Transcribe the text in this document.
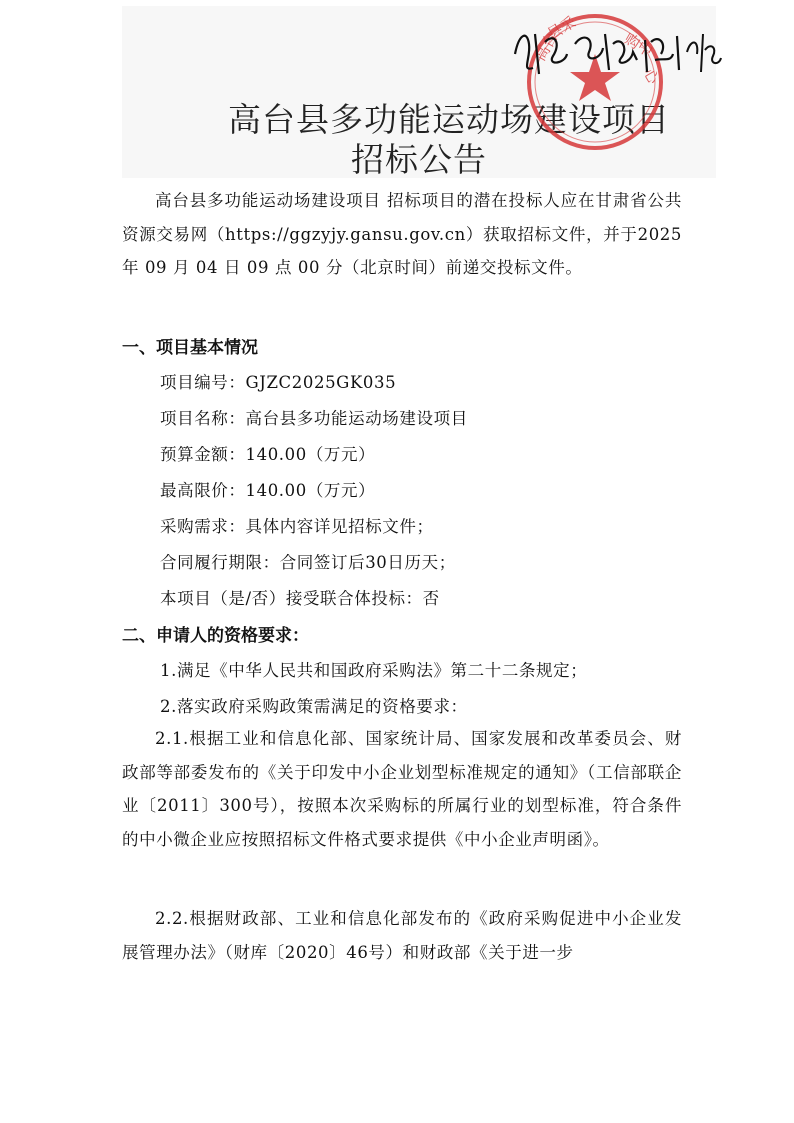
高台县多功能运动场建设项目
招标公告
高台
县采
购中
心

高台县多功能运动场建设项目 招标项目的潜在投标人应在甘肃省公共资源交易网（https://ggzyjy.gansu.gov.cn）获取招标文件，并于2025年 09 月 04 日 09 点 00 分（北京时间）前递交投标文件。

一、项目基本情况

项目编号：GJZC2025GK035

项目名称：高台县多功能运动场建设项目

预算金额：140.00（万元）

最高限价：140.00（万元）

采购需求：具体内容详见招标文件；

合同履行期限：合同签订后30日历天；

本项目（是/否）接受联合体投标：否

二、申请人的资格要求：

1.满足《中华人民共和国政府采购法》第二十二条规定；

2.落实政府采购政策需满足的资格要求：

2.1.根据工业和信息化部、国家统计局、国家发展和改革委员会、财政部等部委发布的《关于印发中小企业划型标准规定的通知》（工信部联企业〔2011〕300号），按照本次采购标的所属行业的划型标准，符合条件的中小微企业应按照招标文件格式要求提供《中小企业声明函》。

2.2.根据财政部、工业和信息化部发布的《政府采购促进中小企业发展管理办法》（财库〔2020〕46号）和财政部《关于进一步
